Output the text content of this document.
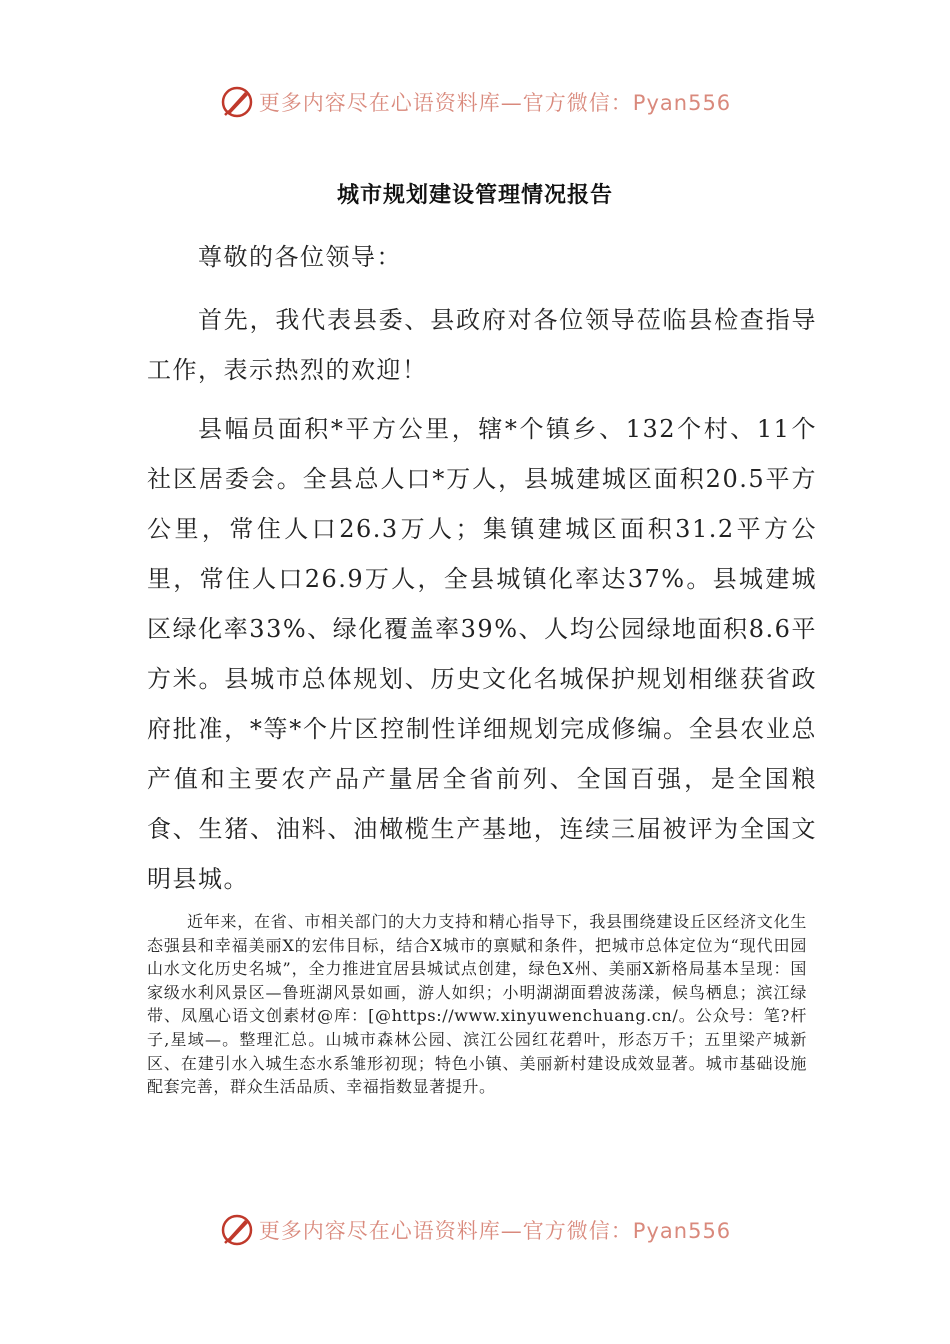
更多内容尽在心语资料库—官方微信：Pyan556
城市规划建设管理情况报告

尊敬的各位领导：

首先，我代表县委、县政府对各位领导莅临县检查指导工作，表示热烈的欢迎！

县幅员面积*平方公里，辖*个镇乡、132个村、11个社区居委会。全县总人口*万人，县城建城区面积20.5平方公里，常住人口26.3万人；集镇建城区面积31.2平方公里，常住人口26.9万人，全县城镇化率达37%。县城建城区绿化率33%、绿化覆盖率39%、人均公园绿地面积8.6平方米。县城市总体规划、历史文化名城保护规划相继获省政府批准，*等*个片区控制性详细规划完成修编。全县农业总产值和主要农产品产量居全省前列、全国百强，是全国粮食、生猪、油料、油橄榄生产基地，连续三届被评为全国文明县城。

近年来，在省、市相关部门的大力支持和精心指导下，我县围绕建设丘区经济文化生态强县和幸福美丽X的宏伟目标，结合X城市的禀赋和条件，把城市总体定位为“现代田园山水文化历史名城”，全力推进宜居县城试点创建，绿色X州、美丽X新格局基本呈现：国家级水利风景区—鲁班湖风景如画，游人如织；小明湖湖面碧波荡漾，候鸟栖息；滨江绿带、凤凰心语文创素材@库：[@https://www.xinyuwenchuang.cn/。公众号：笔?杆子,星域—。整理汇总。山城市森林公园、滨江公园红花碧叶，形态万千；五里梁产城新区、在建引水入城生态水系雏形初现；特色小镇、美丽新村建设成效显著。城市基础设施配套完善，群众生活品质、幸福指数显著提升。

更多内容尽在心语资料库—官方微信：Pyan556
